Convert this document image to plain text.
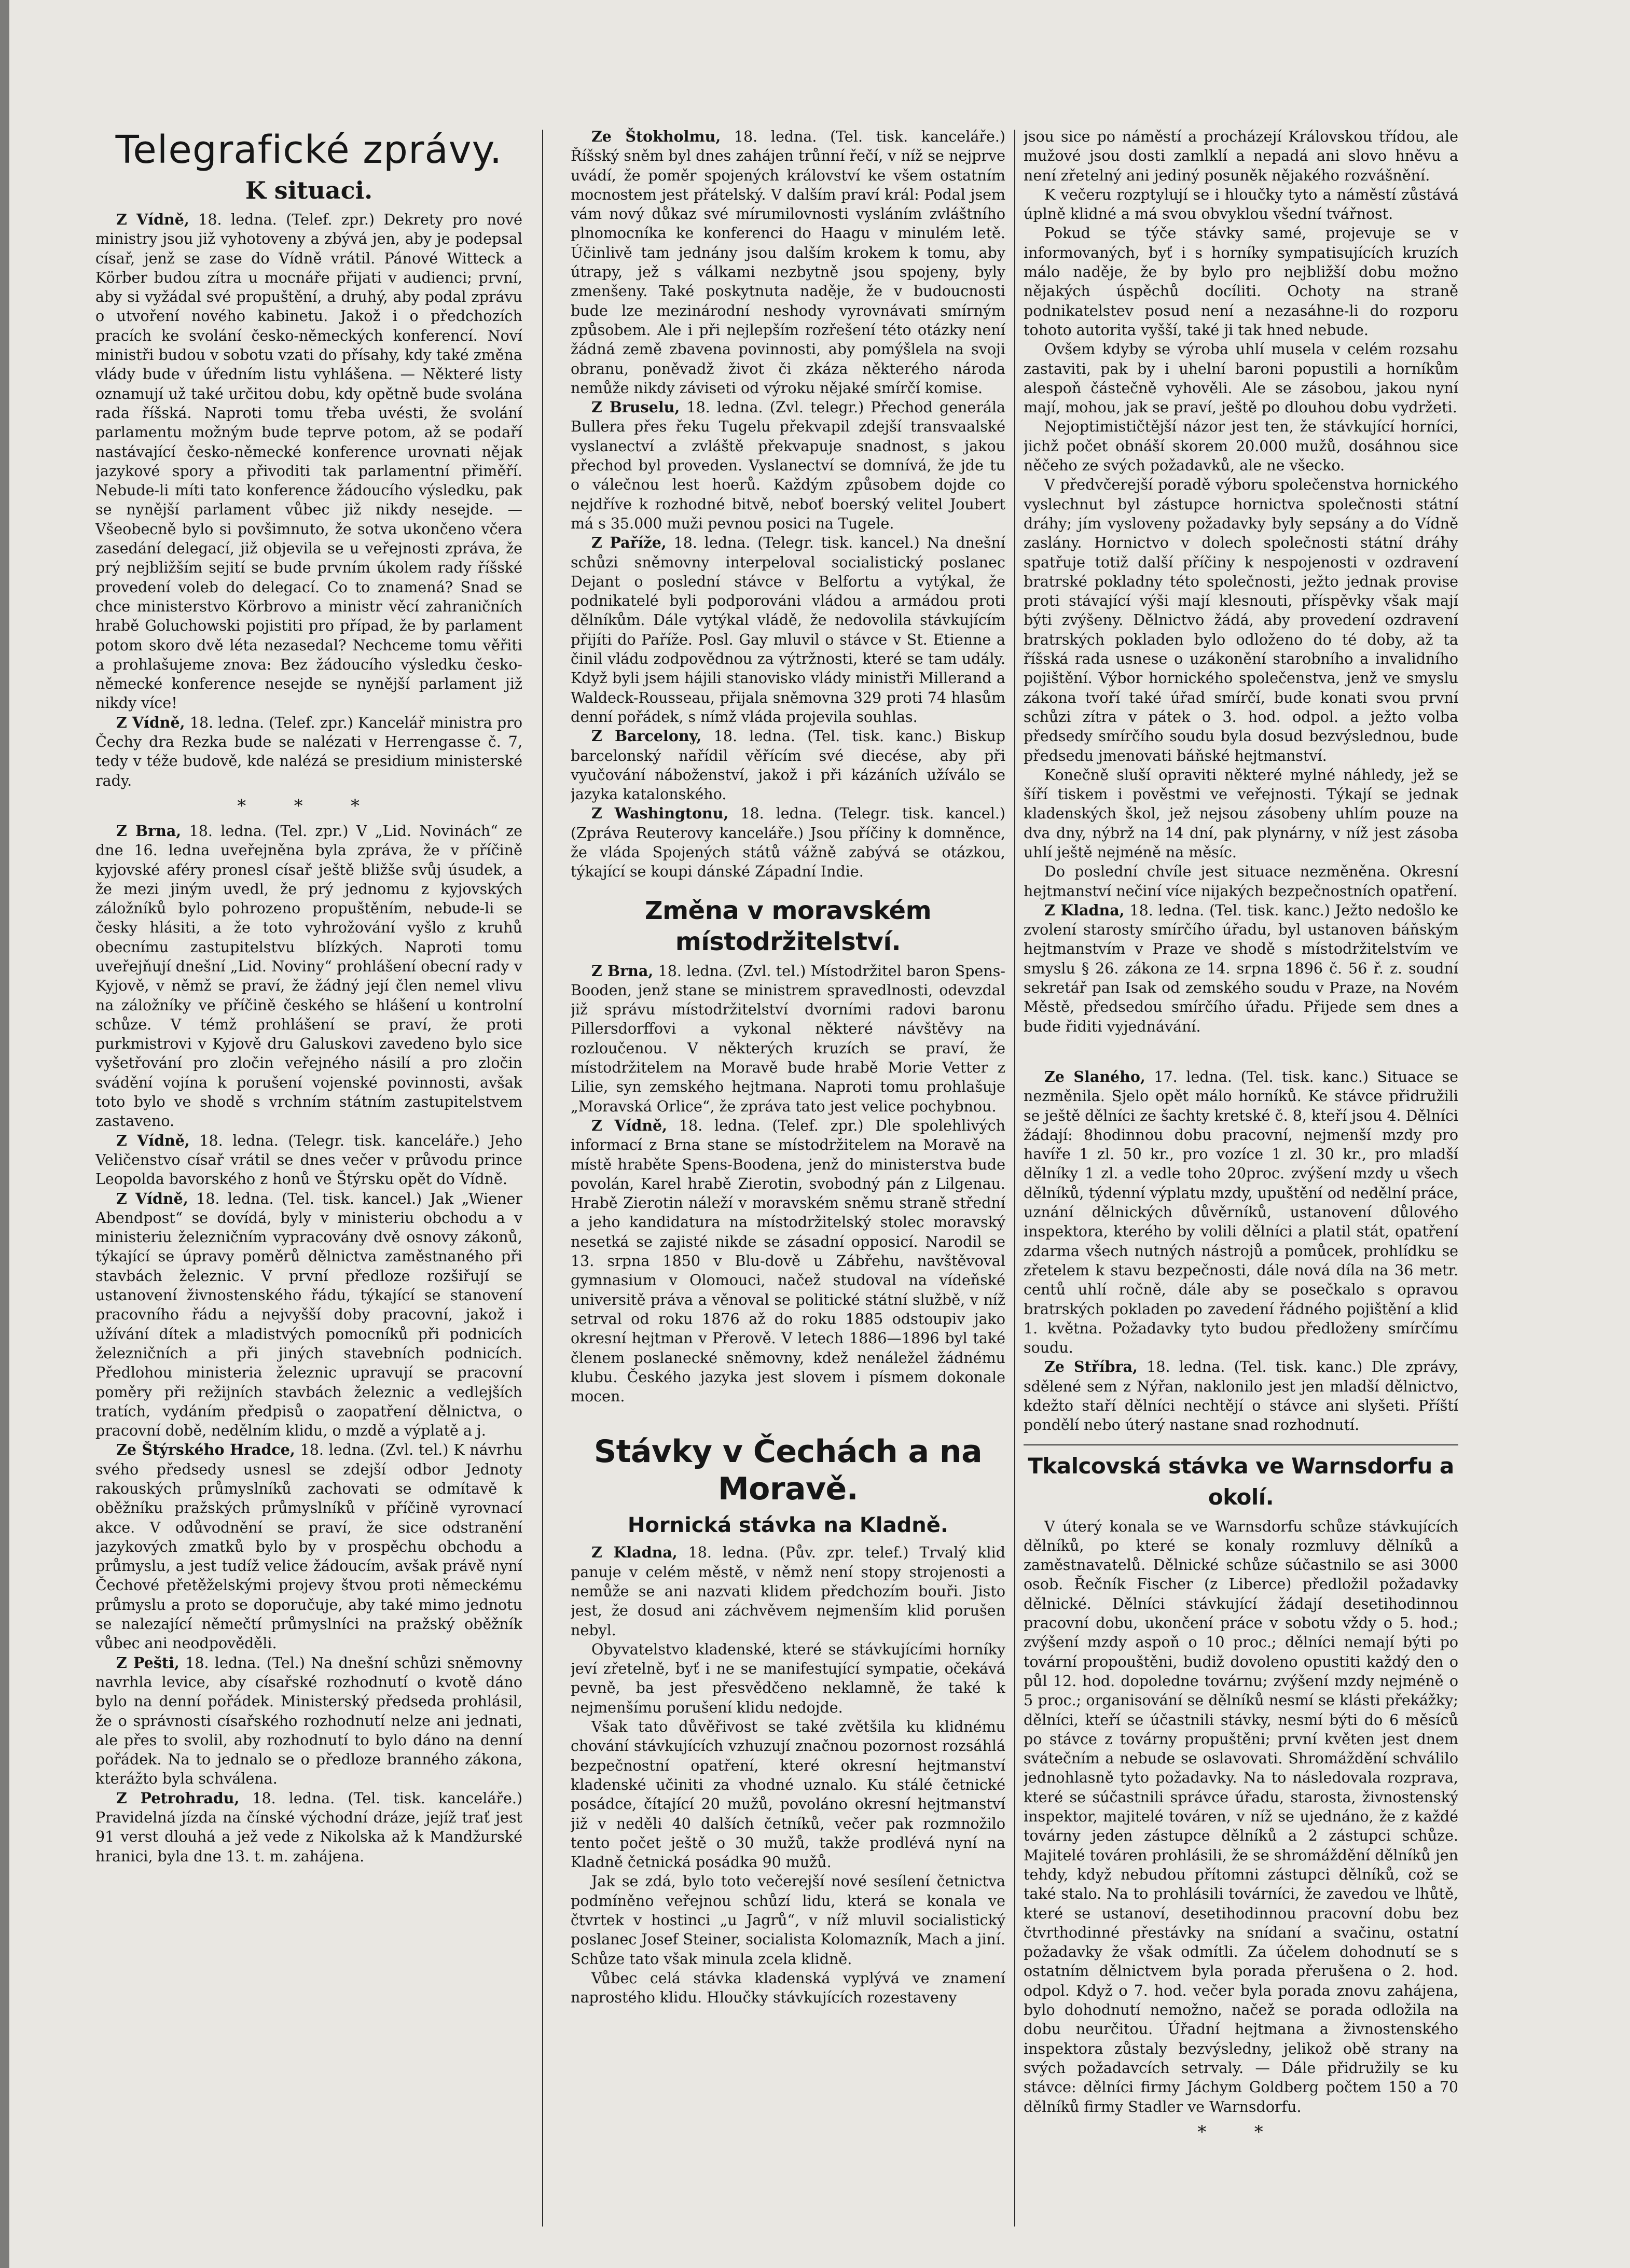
Telegrafické zprávy.
K situaci.

Z Vídně, 18. ledna. (Telef. zpr.) Dekrety pro nové ministry jsou již vyhotoveny a zbývá jen, aby je podepsal císař, jenž se zase do Vídně vrátil. Pánové Witteck a Körber budou zítra u mocnáře přijati v audienci; první, aby si vyžádal své propuštění, a druhý, aby podal zprávu o utvoření nového kabinetu. Jakož i o předchozích pracích ke svolání česko-německých konferencí. Noví ministři budou v sobotu vzati do přísahy, kdy také změna vlády bude v úředním listu vyhlášena. — Některé listy oznamují už také určitou dobu, kdy opětně bude svolána rada říšská. Naproti tomu třeba uvésti, že svolání parlamentu možným bude teprve potom, až se podaří nastávající česko-německé konference urovnati nějak jazykové spory a přivoditi tak parlamentní přiměří. Nebude-li míti tato konference žádoucího výsledku, pak se nynější parlament vůbec již nikdy nesejde. — Všeobecně bylo si povšimnuto, že sotva ukončeno včera zasedání delegací, již objevila se u veřejnosti zpráva, že prý nejbližším sejití se bude prvním úkolem rady říšské provedení voleb do delegací. Co to znamená? Snad se chce ministerstvo Körbrovo a ministr věcí zahraničních hrabě Goluchowski pojistiti pro případ, že by parlament potom skoro dvě léta nezasedal? Nechceme tomu věřiti a prohlašujeme znova: Bez žádoucího výsledku česko-německé konference nesejde se nynější parlament již nikdy více!

Z Vídně, 18. ledna. (Telef. zpr.) Kancelář ministra pro Čechy dra Rezka bude se nalézati v Herrengasse č. 7, tedy v téže budově, kde nalézá se presidium ministerské rady.

* * *

Z Brna, 18. ledna. (Tel. zpr.) V „Lid. Novinách“ ze dne 16. ledna uveřejněna byla zpráva, že v příčině kyjovské aféry pronesl císař ještě bližše svůj úsudek, a že mezi jiným uvedl, že prý jednomu z kyjovských záložníků bylo pohrozeno propuštěním, nebude-li se česky hlásiti, a že toto vyhrožování vyšlo z kruhů obecnímu zastupitelstvu blízkých. Naproti tomu uveřejňují dnešní „Lid. Noviny“ prohlášení obecní rady v Kyjově, v němž se praví, že žádný její člen nemel vlivu na záložníky ve příčině českého se hlášení u kontrolní schůze. V témž prohlášení se praví, že proti purkmistrovi v Kyjově dru Galuskovi zavedeno bylo sice vyšetřování pro zločin veřejného násilí a pro zločin svádění vojína k porušení vojenské povinnosti, avšak toto bylo ve shodě s vrchním státním zastupitelstvem zastaveno.

Z Vídně, 18. ledna. (Telegr. tisk. kanceláře.) Jeho Veličenstvo císař vrátil se dnes večer v průvodu prince Leopolda bavorského z honů ve Štýrsku opět do Vídně.

Z Vídně, 18. ledna. (Tel. tisk. kancel.) Jak „Wiener Abendpost“ se dovídá, byly v ministeriu obchodu a v ministeriu železničním vypracovány dvě osnovy zákonů, týkající se úpravy poměrů dělnictva zaměstnaného při stavbách železnic. V první předloze rozšiřují se ustanovení živnostenského řádu, týkající se stanovení pracovního řádu a nejvyšší doby pracovní, jakož i užívání dítek a mladistvých pomocníků při podnicích železničních a při jiných stavebních podnicích. Předlohou ministeria železnic upravují se pracovní poměry při režijních stavbách železnic a vedlejších tratích, vydáním předpisů o zaopatření dělnictva, o pracovní době, nedělním klidu, o mzdě a výplatě a j.

Ze Štýrského Hradce, 18. ledna. (Zvl. tel.) K návrhu svého předsedy usnesl se zdejší odbor Jednoty rakouských průmyslníků zachovati se odmítavě k oběžníku pražských průmyslníků v příčině vyrovnací akce. V odůvodnění se praví, že sice odstranění jazykových zmatků bylo by v prospěchu obchodu a průmyslu, a jest tudíž velice žádoucím, avšak právě nyní Čechové přetěželskými projevy štvou proti německému průmyslu a proto se doporučuje, aby také mimo jednotu se nalezající němečtí průmyslníci na pražský oběžník vůbec ani neodpověděli.

Z Pešti, 18. ledna. (Tel.) Na dnešní schůzi sněmovny navrhla levice, aby císařské rozhodnutí o kvotě dáno bylo na denní pořádek. Ministerský předseda prohlásil, že o správnosti císařského rozhodnutí nelze ani jednati, ale přes to svolil, aby rozhodnutí to bylo dáno na denní pořádek. Na to jednalo se o předloze branného zákona, kterážto byla schválena.

Z Petrohradu, 18. ledna. (Tel. tisk. kanceláře.) Pravidelná jízda na čínské východní dráze, jejíž trať jest 91 verst dlouhá a jež vede z Nikolska až k Mandžurské hranici, byla dne 13. t. m. zahájena.

Ze Štokholmu, 18. ledna. (Tel. tisk. kanceláře.) Říšský sněm byl dnes zahájen trůnní řečí, v níž se nejprve uvádí, že poměr spojených království ke všem ostatním mocnostem jest přátelský. V dalším praví král: Podal jsem vám nový důkaz své mírumilovnosti vysláním zvláštního plnomocníka ke konferenci do Haagu v minulém letě. Účinlivě tam jednány jsou dalším krokem k tomu, aby útrapy, jež s válkami nezbytně jsou spojeny, byly zmenšeny. Také poskytnuta naděje, že v budoucnosti bude lze mezinárodní neshody vyrovnávati smírným způsobem. Ale i při nejlepším rozřešení této otázky není žádná země zbavena povinnosti, aby pomýšlela na svoji obranu, poněvadž život či zkáza některého národa nemůže nikdy záviseti od výroku nějaké smírčí komise.

Z Bruselu, 18. ledna. (Zvl. telegr.) Přechod generála Bullera přes řeku Tugelu překvapil zdejší transvaalské vyslanectví a zvláště překvapuje snadnost, s jakou přechod byl proveden. Vyslanectví se domnívá, že jde tu o válečnou lest hoerů. Každým způsobem dojde co nejdříve k rozhodné bitvě, neboť boerský velitel Joubert má s 35.000 muži pevnou posici na Tugele.

Z Paříže, 18. ledna. (Telegr. tisk. kancel.) Na dnešní schůzi sněmovny interpeloval socialistický poslanec Dejant o poslední stávce v Belfortu a vytýkal, že podnikatelé byli podporováni vládou a armádou proti dělníkům. Dále vytýkal vládě, že nedovolila stávkujícím přijíti do Paříže. Posl. Gay mluvil o stávce v St. Etienne a činil vládu zodpovědnou za výtržnosti, které se tam udály. Když byli jsem hájili stanovisko vlády ministři Millerand a Waldeck-Rousseau, přijala sněmovna 329 proti 74 hlasům denní pořádek, s nímž vláda projevila souhlas.

Z Barcelony, 18. ledna. (Tel. tisk. kanc.) Biskup barcelonský nařídil věřícím své diecése, aby při vyučování náboženství, jakož i při kázáních užíválo se jazyka katalonského.

Z Washingtonu, 18. ledna. (Telegr. tisk. kancel.) (Zpráva Reuterovy kanceláře.) Jsou příčiny k domněnce, že vláda Spojených států vážně zabývá se otázkou, týkající se koupi dánské Západní Indie.

Změna v moravském místodržitelství.

Z Brna, 18. ledna. (Zvl. tel.) Místodržitel baron Spens-Booden, jenž stane se ministrem spravedlnosti, odevzdal již správu místodržitelství dvorními radovi baronu Pillersdorffovi a vykonal některé návštěvy na rozloučenou. V některých kruzích se praví, že místodržitelem na Moravě bude hrabě Morie Vetter z Lilie, syn zemského hejtmana. Naproti tomu prohlašuje „Moravská Orlice“, že zpráva tato jest velice pochybnou.

Z Vídně, 18. ledna. (Telef. zpr.) Dle spolehlivých informací z Brna stane se místodržitelem na Moravě na místě hraběte Spens-Boodena, jenž do ministerstva bude povolán, Karel hrabě Zierotin, svobodný pán z Lilgenau. Hrabě Zierotin náleží v moravském sněmu straně střední a jeho kandidatura na místodržitelský stolec moravský nesetká se zajisté nikde se zásadní opposicí. Narodil se 13. srpna 1850 v Blu-dově u Zábřehu, navštěvoval gymnasium v Olomouci, načež studoval na vídeňské universitě práva a věnoval se politické státní službě, v níž setrval od roku 1876 až do roku 1885 odstoupiv jako okresní hejtman v Přerově. V letech 1886—1896 byl také členem poslanecké sněmovny, kdež nenáležel žádnému klubu. Českého jazyka jest slovem i písmem dokonale mocen.

Stávky v Čechách a na Moravě.
Hornická stávka na Kladně.

Z Kladna, 18. ledna. (Pův. zpr. telef.) Trvalý klid panuje v celém městě, v němž není stopy strojenosti a nemůže se ani nazvati klidem předchozím bouři. Jisto jest, že dosud ani záchvěvem nejmenším klid porušen nebyl.

Obyvatelstvo kladenské, které se stávkujícími horníky jeví zřetelně, byť i ne se manifestující sympatie, očekává pevně, ba jest přesvědčeno neklamně, že také k nejmenšímu porušení klidu nedojde.

Však tato důvěřivost se také zvětšila ku klidnému chování stávkujících vzhuzují značnou pozornost rozsáhlá bezpečnostní opatření, které okresní hejtmanství kladenské učiniti za vhodné uznalo. Ku stálé četnické posádce, čítající 20 mužů, povoláno okresní hejtmanství již v neděli 40 dalších četníků, večer pak rozmnožilo tento počet ještě o 30 mužů, takže prodlévá nyní na Kladně četnická posádka 90 mužů.

Jak se zdá, bylo toto večerejší nové sesílení četnictva podmíněno veřejnou schůzí lidu, která se konala ve čtvrtek v hostinci „u Jagrů“, v níž mluvil socialistický poslanec Josef Steiner, socialista Kolomazník, Mach a jiní. Schůze tato však minula zcela klidně.

Vůbec celá stávka kladenská vyplývá ve znamení naprostého klidu. Hloučky stávkujících rozestaveny

jsou sice po náměstí a procházejí Královskou třídou, ale mužové jsou dosti zamlklí a nepadá ani slovo hněvu a není zřetelný ani jediný posuněk nějakého rozvášnění.

K večeru rozptylují se i hloučky tyto a náměstí zůstává úplně klidné a má svou obvyklou všední tvářnost.

Pokud se týče stávky samé, projevuje se v informovaných, byť i s horníky sympatisujících kruzích málo naděje, že by bylo pro nejbližší dobu možno nějakých úspěchů docíliti. Ochoty na straně podnikatelstev posud není a nezasáhne-li do rozporu tohoto autorita vyšší, také ji tak hned nebude.

Ovšem kdyby se výroba uhlí musela v celém rozsahu zastaviti, pak by i uhelní baroni popustili a horníkům alespoň částečně vyhověli. Ale se zásobou, jakou nyní mají, mohou, jak se praví, ještě po dlouhou dobu vydržeti.

Nejoptimističtější názor jest ten, že stávkující horníci, jichž počet obnáší skorem 20.000 mužů, dosáhnou sice něčeho ze svých požadavků, ale ne všecko.

V předvčerejší poradě výboru společenstva hornického vyslechnut byl zástupce hornictva společnosti státní dráhy; jím vysloveny požadavky byly sepsány a do Vídně zaslány. Hornictvo v dolech společnosti státní dráhy spatřuje totiž další příčiny k nespojenosti v ozdravení bratrské pokladny této společnosti, ježto jednak provise proti stávající výši mají klesnouti, příspěvky však mají býti zvýšeny. Dělnictvo žádá, aby provedení ozdravení bratrských pokladen bylo odloženo do té doby, až ta říšská rada usnese o uzákonění starobního a invalidního pojištění. Výbor hornického společenstva, jenž ve smyslu zákona tvoří také úřad smírčí, bude konati svou první schůzi zítra v pátek o 3. hod. odpol. a ježto volba předsedy smírčího soudu byla dosud bezvýslednou, bude předsedu jmenovati báňské hejtmanství.

Konečně sluší opraviti některé mylné náhledy, jež se šíří tiskem i pověstmi ve veřejnosti. Týkají se jednak kladenských škol, jež nejsou zásobeny uhlím pouze na dva dny, nýbrž na 14 dní, pak plynárny, v níž jest zásoba uhlí ještě nejméně na měsíc.

Do poslední chvíle jest situace nezměněna. Okresní hejtmanství nečiní více nijakých bezpečnostních opatření.

Z Kladna, 18. ledna. (Tel. tisk. kanc.) Ježto nedošlo ke zvolení starosty smírčího úřadu, byl ustanoven báňským hejtmanstvím v Praze ve shodě s místodržitelstvím ve smyslu § 26. zákona ze 14. srpna 1896 č. 56 ř. z. soudní sekretář pan Isak od zemského soudu v Praze, na Novém Městě, předsedou smírčího úřadu. Přijede sem dnes a bude řiditi vyjednávání.

Ze Slaného, 17. ledna. (Tel. tisk. kanc.) Situace se nezměnila. Sjelo opět málo horníků. Ke stávce přidružili se ještě dělníci ze šachty kretské č. 8, kteří jsou 4. Dělníci žádají: 8hodinnou dobu pracovní, nejmenší mzdy pro havíře 1 zl. 50 kr., pro vozíce 1 zl. 30 kr., pro mladší dělníky 1 zl. a vedle toho 20proc. zvýšení mzdy u všech dělníků, týdenní výplatu mzdy, upuštění od nedělní práce, uznání dělnických důvěrníků, ustanovení důlového inspektora, kterého by volili dělníci a platil stát, opatření zdarma všech nutných nástrojů a pomůcek, prohlídku se zřetelem k stavu bezpečnosti, dále nová díla na 36 metr. centů uhlí ročně, dále aby se posečkalo s opravou bratrských pokladen po zavedení řádného pojištění a klid 1. května. Požadavky tyto budou předloženy smírčímu soudu.

Ze Stříbra, 18. ledna. (Tel. tisk. kanc.) Dle zprávy, sdělené sem z Nýřan, naklonilo jest jen mladší dělnictvo, kdežto staří dělníci nechtějí o stávce ani slyšeti. Příští pondělí nebo úterý nastane snad rozhodnutí.

Tkalcovská stávka ve Warnsdorfu a okolí.

V úterý konala se ve Warnsdorfu schůze stávkujících dělníků, po které se konaly rozmluvy dělníků a zaměstnavatelů. Dělnické schůze súčastnilo se asi 3000 osob. Řečník Fischer (z Liberce) předložil požadavky dělnické. Dělníci stávkující žádají desetihodinnou pracovní dobu, ukončení práce v sobotu vždy o 5. hod.; zvýšení mzdy aspoň o 10 proc.; dělníci nemají býti po tovární propouštěni, budiž dovoleno opustiti každý den o půl 12. hod. dopoledne továrnu; zvýšení mzdy nejméně o 5 proc.; organisování se dělníků nesmí se klásti překážky; dělníci, kteří se účastnili stávky, nesmí býti do 6 měsíců po stávce z továrny propuštěni; první květen jest dnem svátečním a nebude se oslavovati. Shromáždění schválilo jednohlasně tyto požadavky. Na to následovala rozprava, které se súčastnili správce úřadu, starosta, živnostenský inspektor, majitelé továren, v níž se ujednáno, že z každé továrny jeden zástupce dělníků a 2 zástupci schůze. Majitelé továren prohlásili, že se shromáždění dělníků jen tehdy, když nebudou přítomni zástupci dělníků, což se také stalo. Na to prohlásili továrníci, že zavedou ve lhůtě, které se ustanoví, desetihodinnou pracovní dobu bez čtvrthodinné přestávky na snídaní a svačinu, ostatní požadavky že však odmítli. Za účelem dohodnutí se s ostatním dělnictvem byla porada přerušena o 2. hod. odpol. Když o 7. hod. večer byla porada znovu zahájena, bylo dohodnutí nemožno, načež se porada odložila na dobu neurčitou. Úřadní hejtmana a živnostenského inspektora zůstaly bezvýsledny, jelikož obě strany na svých požadavcích setrvaly. — Dále přidružily se ku stávce: dělníci firmy Jáchym Goldberg počtem 150 a 70 dělníků firmy Stadler ve Warnsdorfu.

* *
